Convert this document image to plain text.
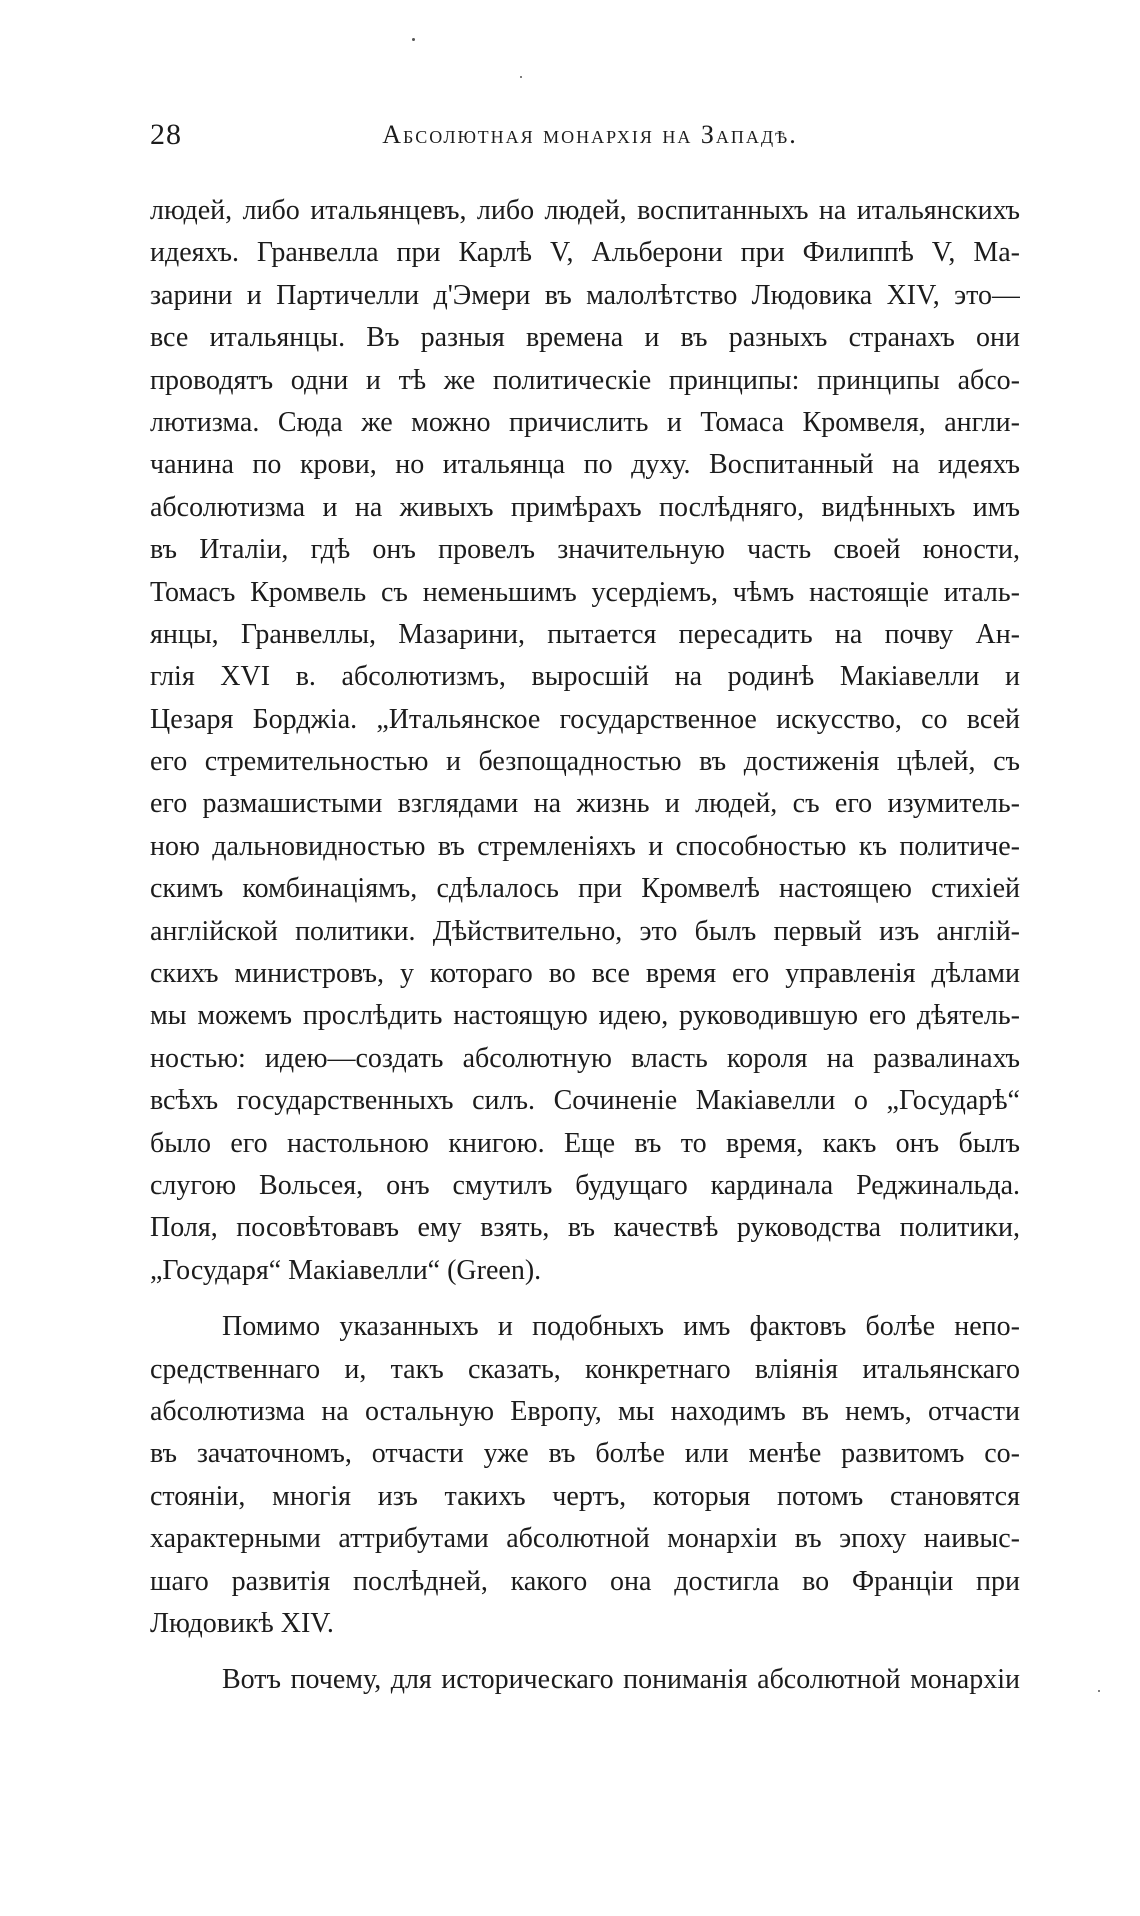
28	Абсолютная монархія на Западѣ.
людей, либо итальянцевъ, либо людей, воспитанныхъ на итальянскихъ
идеяхъ. Гранвелла при Карлѣ V, Альберони при Филиппѣ V, Ма-
зарини и Партичелли д'Эмери въ малолѣтство Людовика XIV, это—
все итальянцы. Въ разныя времена и въ разныхъ странахъ они
проводятъ одни и тѣ же политическіе принципы: принципы абсо-
лютизма. Сюда же можно причислить и Томаса Кромвеля, англи-
чанина по крови, но итальянца по духу. Воспитанный на идеяхъ
абсолютизма и на живыхъ примѣрахъ послѣдняго, видѣнныхъ имъ
въ Италіи, гдѣ онъ провелъ значительную часть своей юности,
Томасъ Кромвель съ неменьшимъ усердіемъ, чѣмъ настоящіе италь-
янцы, Гранвеллы, Мазарини, пытается пересадить на почву Ан-
глія XVI в. абсолютизмъ, выросшій на родинѣ Макіавелли и
Цезаря Борджіа. „Итальянское государственное искусство, со всей
его стремительностью и безпощадностью въ достиженія цѣлей, съ
его размашистыми взглядами на жизнь и людей, съ его изумитель-
ною дальновидностью въ стремленіяхъ и способностью къ политиче-
скимъ комбинаціямъ, сдѣлалось при Кромвелѣ настоящею стихіей
англійской политики. Дѣйствительно, это былъ первый изъ англій-
скихъ министровъ, у котораго во все время его управленія дѣлами
мы можемъ прослѣдить настоящую идею, руководившую его дѣятель-
ностью: идею—создать абсолютную власть короля на развалинахъ
всѣхъ государственныхъ силъ. Сочиненіе Макіавелли о „Государѣ“
было его настольною книгою. Еще въ то время, какъ онъ былъ
слугою Вольсея, онъ смутилъ будущаго кардинала Реджинальда.
Поля, посовѣтовавъ ему взять, въ качествѣ руководства политики,
„Государя“ Макіавелли“ (Green).
Помимо указанныхъ и подобныхъ имъ фактовъ болѣе непо-
средственнаго и, такъ сказать, конкретнаго вліянія итальянскаго
абсолютизма на остальную Европу, мы находимъ въ немъ, отчасти
въ зачаточномъ, отчасти уже въ болѣе или менѣе развитомъ со-
стояніи, многія изъ такихъ чертъ, которыя потомъ становятся
характерными аттрибутами абсолютной монархіи въ эпоху наивыс-
шаго развитія послѣдней, какого она достигла во Франціи при
Людовикѣ XIV.
Вотъ почему, для историческаго пониманія абсолютной монархіи
